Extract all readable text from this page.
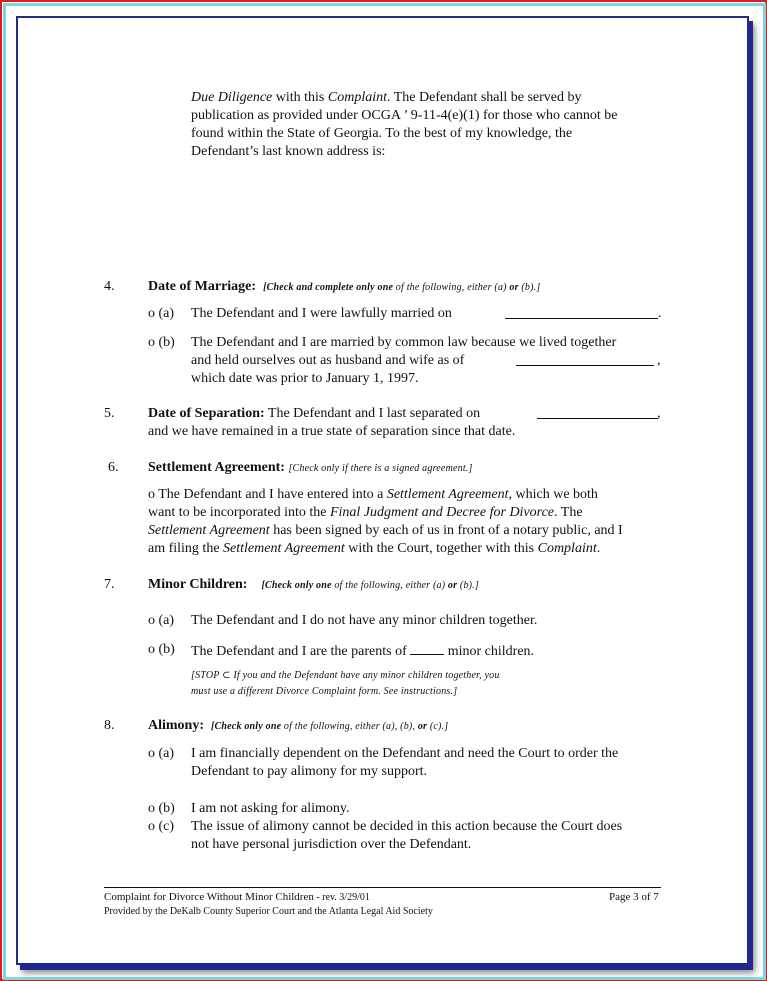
Due Diligence with this Complaint. The Defendant shall be served by
publication as provided under OCGA ’ 9-11-4(e)(1) for those who cannot be
found within the State of Georgia. To the best of my knowledge, the
Defendant’s last known address is:
4. Date of Marriage: [Check and complete only one of the following, either (a) or (b).]
o (a) The Defendant and I were lawfully married on	.
o (b) The Defendant and I are married by common law because we lived together
and held ourselves out as husband and wife as of	,
which date was prior to January 1, 1997.
5. Date of Separation: The Defendant and I last separated on	,
and we have remained in a true state of separation since that date.
6. Settlement Agreement: [Check only if there is a signed agreement.]
o The Defendant and I have entered into a Settlement Agreement, which we both
want to be incorporated into the Final Judgment and Decree for Divorce. The
Settlement Agreement has been signed by each of us in front of a notary public, and I
am filing the Settlement Agreement with the Court, together with this Complaint.
7. Minor Children: [Check only one of the following, either (a) or (b).]
o (a) The Defendant and I do not have any minor children together.
o (b) The Defendant and I are the parents of  minor children.
[STOP ⊂ If you and the Defendant have any minor children together, you
must use a different Divorce Complaint form. See instructions.]
8. Alimony: [Check only one of the following, either (a), (b), or (c).]
o (a) I am financially dependent on the Defendant and need the Court to order the
Defendant to pay alimony for my support.
o (b) I am not asking for alimony.
o (c) The issue of alimony cannot be decided in this action because the Court does
not have personal jurisdiction over the Defendant.
Complaint for Divorce Without Minor Children - rev. 3/29/01	Page 3 of 7
Provided by the DeKalb County Superior Court and the Atlanta Legal Aid Society
